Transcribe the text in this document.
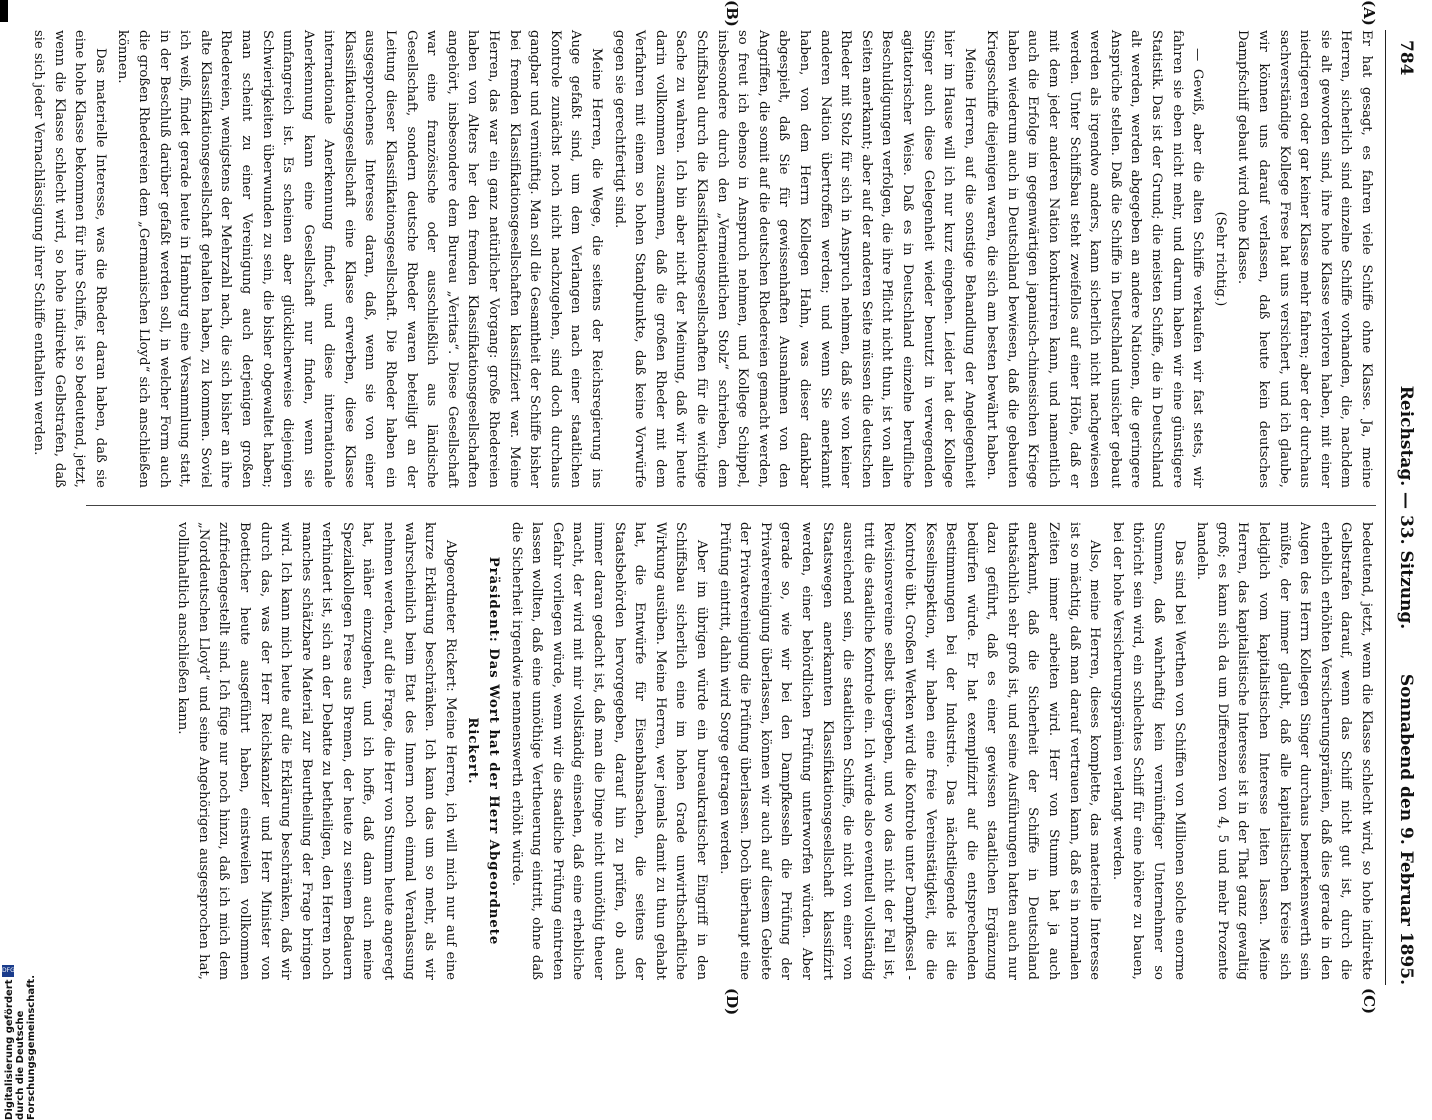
784
Reichstag. — 33. Sitzung.
Sonnabend den 9. Februar 1895.
(A)
(B)
(C)
(D)

Er hat gesagt, es fahren viele Schiffe ohne Klasse. Ja, meine Herren, sicherlich sind einzelne Schiffe vorhanden, die, nachdem sie alt geworden sind, ihre hohe Klasse verloren haben, mit einer niedrigeren oder gar keiner Klasse mehr fahren; aber der durchaus sachverständige Kollege Frese hat uns versichert, und ich glaube, wir können uns darauf verlassen, daß heute kein deutsches Dampfschiff gebaut wird ohne Klasse.

(Sehr richtig.)

— Gewiß, aber die alten Schiffe verkaufen wir fast stets, wir fahren sie eben nicht mehr, und darum haben wir eine günstigere Statistik. Das ist der Grund; die meisten Schiffe, die in Deutschland alt werden, werden abgegeben an andere Nationen, die geringere Ansprüche stellen. Daß die Schiffe in Deutschland unsicher gebaut werden als irgendwo anders, kann sicherlich nicht nachgewiesen werden. Unter Schiffsbau steht zweifellos auf einer Höhe, daß er mit dem jeder anderen Nation konkurriren kann, und namentlich auch die Erfolge im gegenwärtigen japanisch-chinesischen Kriege haben wiederum auch in Deutschland bewiesen, daß die gebauten Kriegsschiffe diejenigen waren, die sich am besten bewährt haben.

Meine Herren, auf die sonstige Behandlung der Angelegenheit hier im Hause will ich nur kurz eingehen. Leider hat der Kollege Singer auch diese Gelegenheit wieder benutzt in verwegenden agitatorischer Weise. Daß es in Deutschland einzelne berufliche Beschuldigungen verfolgen, die ihre Pflicht nicht thun, ist von allen Seiten anerkannt; aber auf der anderen Seite müssen die deutschen Rheder mit Stolz für sich in Anspruch nehmen, daß sie von keiner anderen Nation übertroffen werden; und wenn Sie anerkannt haben, von dem Herrn Kollegen Hahn, was dieser dankbar abgespielt, daß Sie für gewissenhaften Ausnahmen von den Angriffen, die somit auf die deutschen Rhedereien gemacht werden, so freut ich ebenso in Anspruch nehmen, und Kollege Schippel, insbesondere durch den „Vermeintlichen Stolz“ schrieben, dem Schiffsbau durch die Klassifikationsgesellschaften für die wichtige Sache zu wahren. Ich bin aber nicht der Meinung, daß wir heute darin vollkommen zusammen, daß die großen Rheder mit dem Verfahren mit einem so hohen Standpunkte, daß keine Vorwürfe gegen sie gerechtfertigt sind.

Meine Herren, die Wege, die seitens der Reichsregierung ins Auge gefaßt sind, um dem Verlangen nach einer staatlichen Kontrole zunächst noch nicht nachzugehen, sind doch durchaus gangbar und vernünftig. Man soll die Gesamtheit der Schiffe bisher bei fremden Klassifikationsgesellschaften klassifiziert war. Meine Herren, das war ein ganz natürlicher Vorgang: große Rhedereien haben von Alters her den fremden Klassifikationsgesellschaften angehört, insbesondere dem Bureau „Veritas“. Diese Gesellschaft war eine französische oder ausschließlich aus ländische Gesellschaft, sondern deutsche Rheder waren beteiligt an der Leitung dieser Klassifikationsgesellschaft. Die Rheder haben ein ausgesprochenes Interesse daran, daß, wenn sie von einer Klassifikationsgesellschaft eine Klasse erwerben, diese Klasse internationale Anerkennung findet, und diese internationale Anerkennung kann eine Gesellschaft nur finden, wenn sie umfangreich ist. Es scheinen aber glücklicherweise diejenigen Schwierigkeiten überwunden zu sein, die bisher obgewaltet haben; man scheint zu einer Vereinigung auch derjenigen großen Rhedereien, wenigstens der Mehrzahl nach, die sich bisher an ihre alte Klassifikationsgesellschaft gehalten haben, zu kommen. Soviel ich weiß, findet gerade heute in Hamburg eine Versammlung statt, in der Beschluß darüber gefaßt werden soll, in welcher Form auch die großen Rhedereien dem „Germanischen Lloyd“ sich anschließen können.

Das materielle Interesse, was die Rheder daran haben, daß sie eine hohe Klasse bekommen für ihre Schiffe, ist so bedeutend, jetzt, wenn die Klasse schlecht wird, so hohe indirekte Gelbstrafen, daß sie sich jeder Vernachlässigung ihrer Schiffe enthalten werden.

bedeutend, jetzt, wenn die Klasse schlecht wird, so hohe indirekte Gelbstrafen darauf, wenn das Schiff nicht gut ist, durch die erheblich erhöhten Versicherungsprämien, daß dies gerade in den Augen des Herrn Kollegen Singer durchaus bemerkenswerth sein müßte, der immer glaubt, daß alle kapitalistischen Kreise sich lediglich vom kapitalistischen Interesse leiten lassen. Meine Herren, das kapitalistische Interesse ist in der That ganz gewaltig groß; es kann sich da um Differenzen von 4, 5 und mehr Prozente handeln.

Das sind bei Werthen von Schiffen von Millionen solche enorme Summen, daß wahrhaftig kein vernünftiger Unternehmer so thöricht sein wird, ein schlechtes Schiff für eine höhere zu bauen, bei der hohe Versicherungsprämien verlangt werden.

Also, meine Herren, dieses komplette, das materielle Interesse ist so mächtig, daß man darauf vertrauen kann, daß es in normalen Zeiten immer arbeiten wird. Herr von Stumm hat ja auch anerkannt, daß die Sicherheit der Schiffe in Deutschland thatsächlich sehr groß ist, und seine Ausführungen hatten auch nur dazu geführt, daß es einer gewissen staatlichen Ergänzung bedürfen würde. Er hat exemplifizirt auf die entsprechenden Bestimmungen bei der Industrie. Das nächstliegende ist die Kesselinspektion, wir haben eine freie Vereinstätigkeit, die die Kontrole übt. Großen Werken wird die Kontrole unter Dampfkessel - Revisionsvereine selbst übergeben, und wo das nicht der Fall ist, tritt die staatliche Kontrole ein. Ich würde also eventuell vollständig ausreichend sein, die staatlichen Schiffe, die nicht von einer von Staatswegen anerkannten Klassifikationsgesellschaft klassifizirt werden, einer behördlichen Prüfung unterworfen würden. Aber gerade so, wie wir bei den Dampfkesseln die Prüfung der Privatvereinigung überlassen, können wir auch auf diesem Gebiete der Privatvereinigung die Prüfung überlassen. Doch überhaupt eine Prüfung eintritt, dahin wird Sorge getragen werden.

Aber im übrigen würde ein bureaukratischer Eingriff in den Schiffsbau sicherlich eine im hohen Grade unwirthschaftliche Wirkung ausüben. Meine Herren, wer jemals damit zu thun gehabt hat, die Entwürfe für Eisenbahnsachen, die seitens der Staatsbehörden hervorgegeben, darauf hin zu prüfen, ob auch immer daran gedacht ist, daß man die Dinge nicht unnöthig theuer macht, der wird mit mir vollständig einsehen, daß eine erhebliche Gefahr vorliegen würde, wenn wir die staatliche Prüfung eintreten lassen wollten, daß eine unnöthige Vertheuerung eintritt, ohne daß die Sicherheit irgendwie nennenswerth erhöht würde.

Präsident: Das Wort hat der Herr Abgeordnete Rickert.

Abgeordneter Rickert: Meine Herren, ich will mich nur auf eine kurze Erklärung beschränken. Ich kann das um so mehr, als wir wahrscheinlich beim Etat des Innern noch einmal Veranlassung nehmen werden, auf die Frage, die Herr von Stumm heute angeregt hat, näher einzugehen, und ich hoffe, daß dann auch meine Spezialkollegen Frese aus Bremen, der heute zu seinem Bedauern verhindert ist, sich an der Debatte zu betheiligen, den Herren noch manches schätzbare Material zur Beurtheilung der Frage bringen wird. Ich kann mich heute auf die Erklärung beschränken, daß wir durch das, was der Herr Reichskanzler und Herr Minister von Boetticher heute ausgeführt haben, einstweilen vollkommen zufriedengestellt sind. Ich füge nur noch hinzu, daß ich mich dem „Norddeutschen Lloyd“ und seine Angehörigen ausgesprochen hat, vollinhaltlich anschließen kann.

Digitalisierung gefördert durch die Deutsche Forschungsgemeinschaft.
DFG
